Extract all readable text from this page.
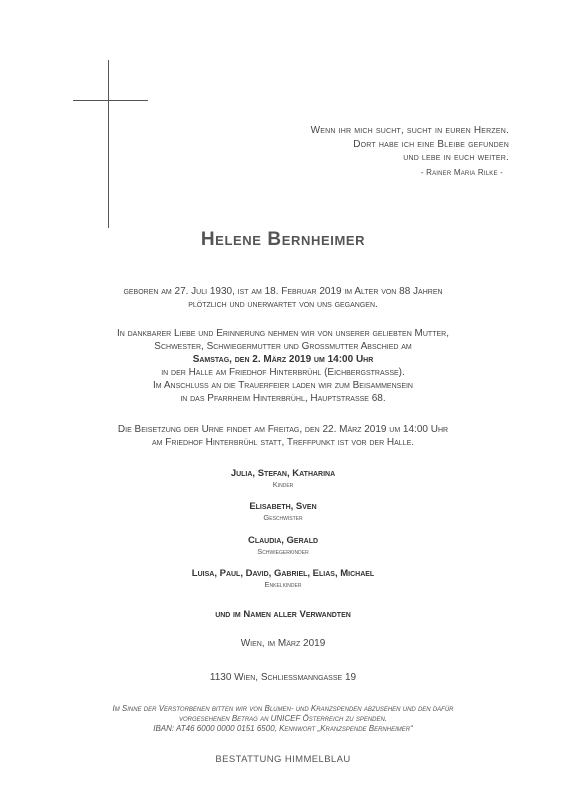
Wenn ihr mich sucht, sucht in euren Herzen.
Dort habe ich eine Bleibe gefunden
und lebe in euch weiter.
- Rainer Maria Rilke -
Helene Bernheimer
geboren am 27. Juli 1930, ist am 18. Februar 2019 im Alter von 88 Jahren
plötzlich und unerwartet von uns gegangen.
In dankbarer Liebe und Erinnerung nehmen wir von unserer geliebten Mutter,
Schwester, Schwiegermutter und Grossmutter Abschied am
Samstag, den 2. März 2019 um 14:00 Uhr
in der Halle am Friedhof Hinterbrühl (Eichbergstrasse).
Im Anschluss an die Trauerfeier laden wir zum Beisammensein
in das Pfarrheim Hinterbrühl, Hauptstrasse 68.
Die Beisetzung der Urne findet am Freitag, den 22. März 2019 um 14:00 Uhr
am Friedhof Hinterbrühl statt, Treffpunkt ist vor der Halle.
Julia, Stefan, Katharina
Kinder
Elisabeth, Sven
Geschwister
Claudia, Gerald
Schwiegerkinder
Luisa, Paul, David, Gabriel, Elias, Michael
Enkelkinder
und im Namen aller Verwandten
Wien, im März 2019
1130 Wien, Schliessmanngasse 19
Im Sinne der Verstorbenen bitten wir von Blumen- und Kranzspenden abzusehen und den dafür
vorgesehenen Betrag an UNICEF Österreich zu spenden.
IBAN: AT46 6000 0000 0151 6500, Kennwort „Kranzspende Bernheimer“
BESTATTUNG HIMMELBLAU
